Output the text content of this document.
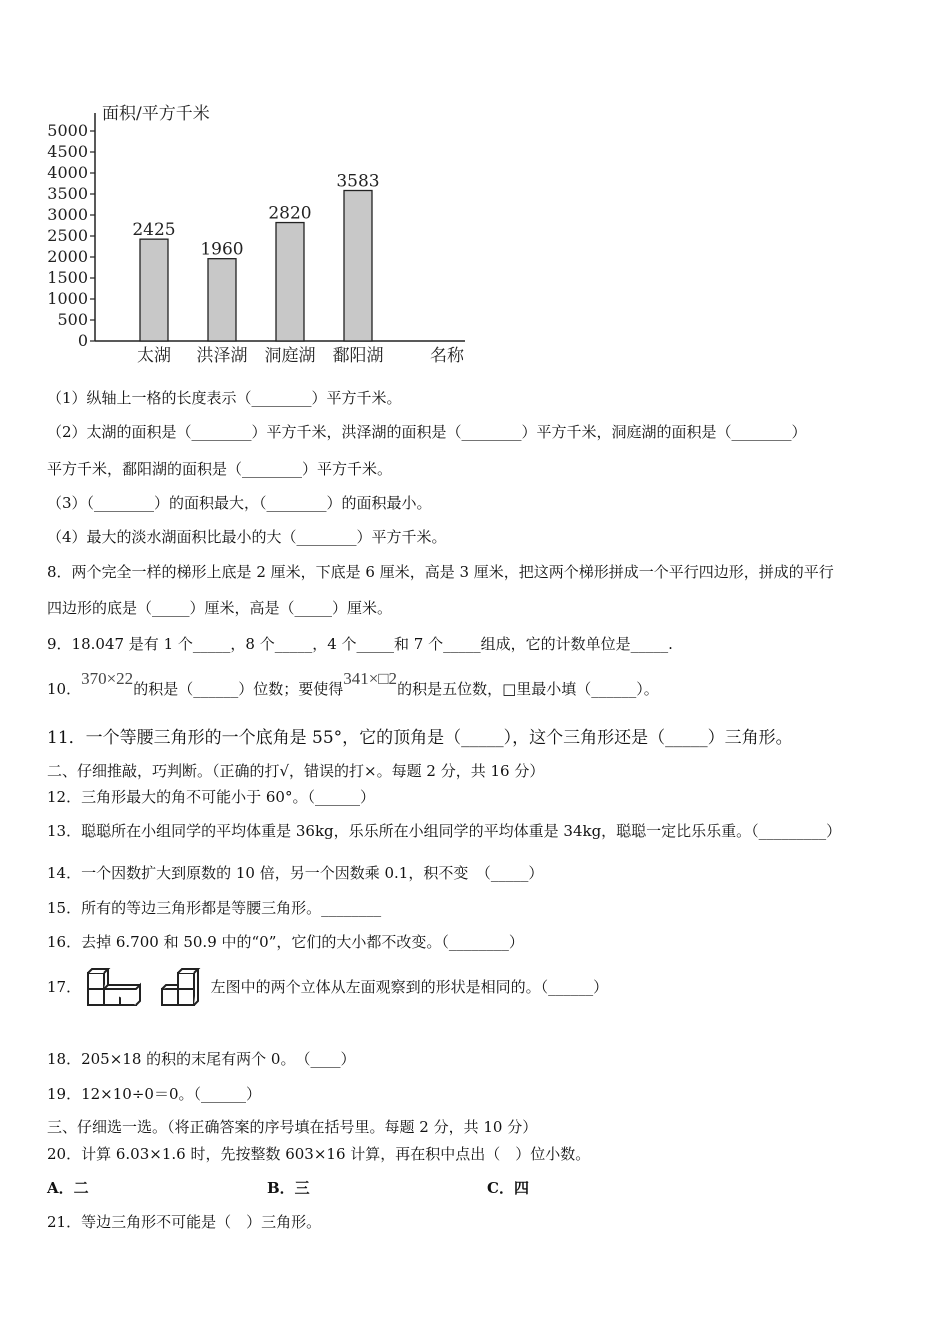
面积/平方千米
0
500
1000
1500
2000
2500
3000
3500
4000
4500
5000
2425
太湖
1960
洪泽湖
2820
洞庭湖
3583
鄱阳湖	名称
（1）纵轴上一格的长度表示（________）平方千米。
（2）太湖的面积是（________）平方千米，洪泽湖的面积是（________）平方千米，洞庭湖的面积是（________）
平方千米，鄱阳湖的面积是（________）平方千米。
（3）（________）的面积最大，（________）的面积最小。
（4）最大的淡水湖面积比最小的大（________）平方千米。
8．两个完全一样的梯形上底是 2 厘米，下底是 6 厘米，高是 3 厘米，把这两个梯形拼成一个平行四边形，拼成的平行
四边形的底是（_____）厘米，高是（_____）厘米。
9．18.047 是有 1 个_____，8 个_____，4 个_____和 7 个_____组成，它的计数单位是_____.
10．370×22的积是（______）位数；要使得341×□2的积是五位数，□里最小填（______）。
11．一个等腰三角形的一个底角是 55°，它的顶角是（_____），这个三角形还是（_____）三角形。
二、仔细推敲，巧判断。（正确的打√，错误的打×。每题 2 分，共 16 分）
12．三角形最大的角不可能小于 60°。（______）
13．聪聪所在小组同学的平均体重是 36kg，乐乐所在小组同学的平均体重是 34kg，聪聪一定比乐乐重。（_________）
14．一个因数扩大到原数的 10 倍，另一个因数乘 0.1，积不变　（_____）
15．所有的等边三角形都是等腰三角形。________
16．去掉 6.700 和 50.9 中的“0”，它们的大小都不改变。（________）
17．	左图中的两个立体从左面观察到的形状是相同的。（______）
18．205×18 的积的末尾有两个 0。　（____）
19．12×10÷0＝0。（______）
三、仔细选一选。（将正确答案的序号填在括号里。每题 2 分，共 10 分）
20．计算 6.03×1.6 时，先按整数 603×16 计算，再在积中点出（　）位小数。
A．二	B．三	C．四
21．等边三角形不可能是（　）三角形。
